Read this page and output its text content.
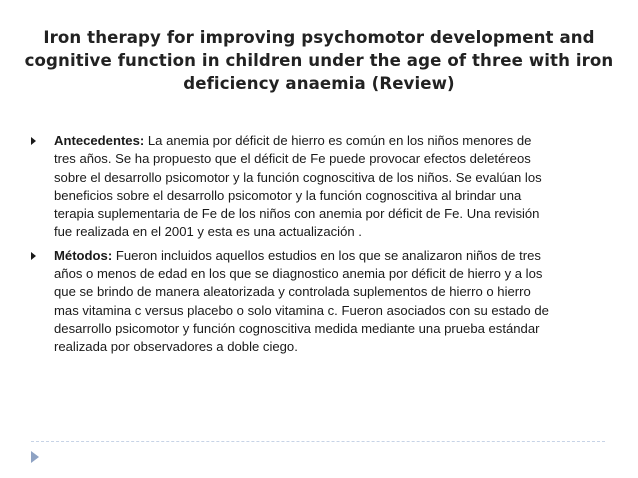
Iron therapy for improving psychomotor development and
cognitive function in children under the age of three with iron
deficiency anaemia (Review)
Antecedentes: La anemia por déficit de hierro es común en los niños menores de
tres años. Se ha propuesto que el déficit de Fe puede provocar efectos deletéreos
sobre el desarrollo psicomotor y la función cognoscitiva de los niños. Se evalúan los
beneficios sobre el desarrollo psicomotor y la función cognoscitiva al brindar una
terapia suplementaria de Fe de los niños con anemia por déficit de Fe. Una revisión
fue realizada en el 2001 y esta es una actualización .
Métodos: Fueron incluidos aquellos estudios en los que se analizaron niños de tres
años o menos de edad en los que se diagnostico anemia por déficit de hierro y a los
que se brindo de manera aleatorizada y controlada suplementos de hierro o hierro
mas vitamina c versus placebo o solo vitamina c. Fueron asociados con su estado de
desarrollo psicomotor y función cognoscitiva medida mediante una prueba estándar
realizada por observadores a doble ciego.
